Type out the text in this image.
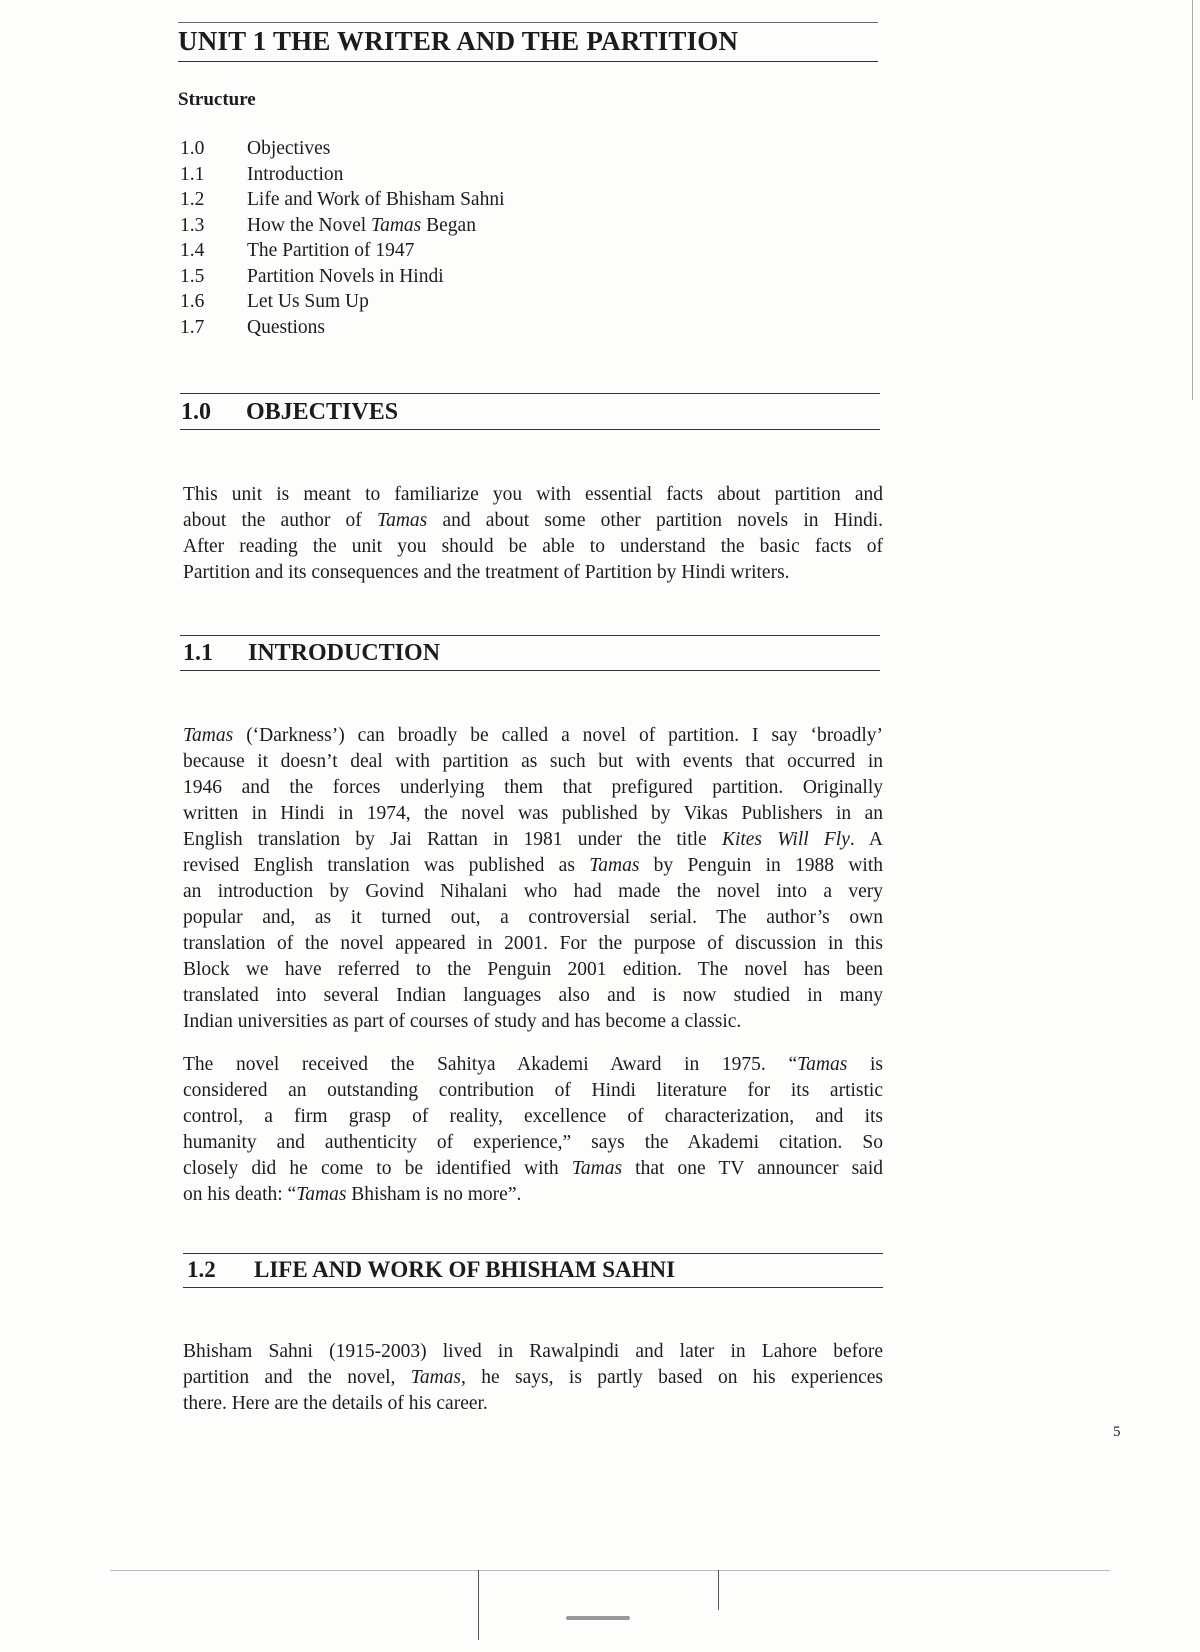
UNIT 1 THE WRITER AND THE PARTITION
Structure
1.0	Objectives
1.1	Introduction
1.2	Life and Work of Bhisham Sahni
1.3	How the Novel Tamas Began
1.4	The Partition of 1947
1.5	Partition Novels in Hindi
1.6	Let Us Sum Up
1.7	Questions
1.0	OBJECTIVES

This unit is meant to familiarize you with essential facts about partition and
about the author of Tamas and about some other partition novels in Hindi.
After reading the unit you should be able to understand the basic facts of
Partition and its consequences and the treatment of Partition by Hindi writers.

1.1	INTRODUCTION

Tamas (‘Darkness’) can broadly be called a novel of partition. I say ‘broadly’
because it doesn’t deal with partition as such but with events that occurred in
1946 and the forces underlying them that prefigured partition. Originally
written in Hindi in 1974, the novel was published by Vikas Publishers in an
English translation by Jai Rattan in 1981 under the title Kites Will Fly. A
revised English translation was published as Tamas by Penguin in 1988 with
an introduction by Govind Nihalani who had made the novel into a very
popular and, as it turned out, a controversial serial. The author’s own
translation of the novel appeared in 2001. For the purpose of discussion in this
Block we have referred to the Penguin 2001 edition. The novel has been
translated into several Indian languages also and is now studied in many
Indian universities as part of courses of study and has become a classic.

The novel received the Sahitya Akademi Award in 1975. “Tamas is
considered an outstanding contribution of Hindi literature for its artistic
control, a firm grasp of reality, excellence of characterization, and its
humanity and authenticity of experience,” says the Akademi citation. So
closely did he come to be identified with Tamas that one TV announcer said
on his death: “Tamas Bhisham is no more”.

1.2	LIFE AND WORK OF BHISHAM SAHNI

Bhisham Sahni (1915-2003) lived in Rawalpindi and later in Lahore before
partition and the novel, Tamas, he says, is partly based on his experiences
there. Here are the details of his career.

5
